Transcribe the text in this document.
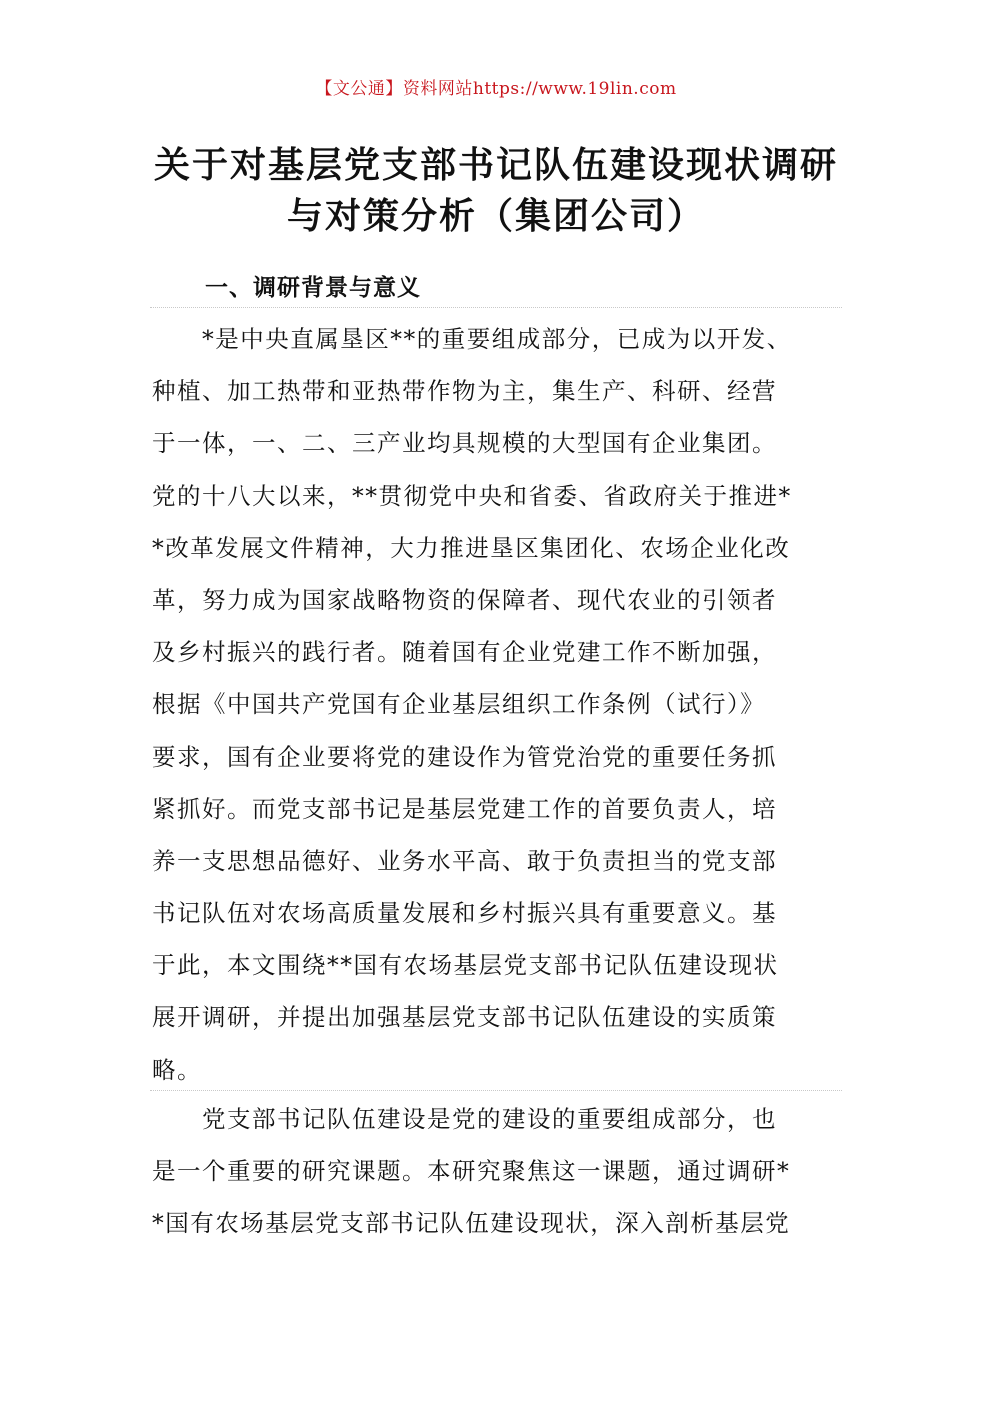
【文公通】资料网站https://www.19lin.com
关于对基层党支部书记队伍建设现状调研
与对策分析（集团公司）
一、调研背景与意义
　　*是中央直属垦区**的重要组成部分，已成为以开发、
种植、加工热带和亚热带作物为主，集生产、科研、经营
于一体，一、二、三产业均具规模的大型国有企业集团。
党的十八大以来，**贯彻党中央和省委、省政府关于推进*
*改革发展文件精神，大力推进垦区集团化、农场企业化改
革，努力成为国家战略物资的保障者、现代农业的引领者
及乡村振兴的践行者。随着国有企业党建工作不断加强，
根据《中国共产党国有企业基层组织工作条例（试行）》
要求，国有企业要将党的建设作为管党治党的重要任务抓
紧抓好。而党支部书记是基层党建工作的首要负责人，培
养一支思想品德好、业务水平高、敢于负责担当的党支部
书记队伍对农场高质量发展和乡村振兴具有重要意义。基
于此，本文围绕**国有农场基层党支部书记队伍建设现状
展开调研，并提出加强基层党支部书记队伍建设的实质策
略。
　　党支部书记队伍建设是党的建设的重要组成部分，也
是一个重要的研究课题。本研究聚焦这一课题，通过调研*
*国有农场基层党支部书记队伍建设现状，深入剖析基层党
